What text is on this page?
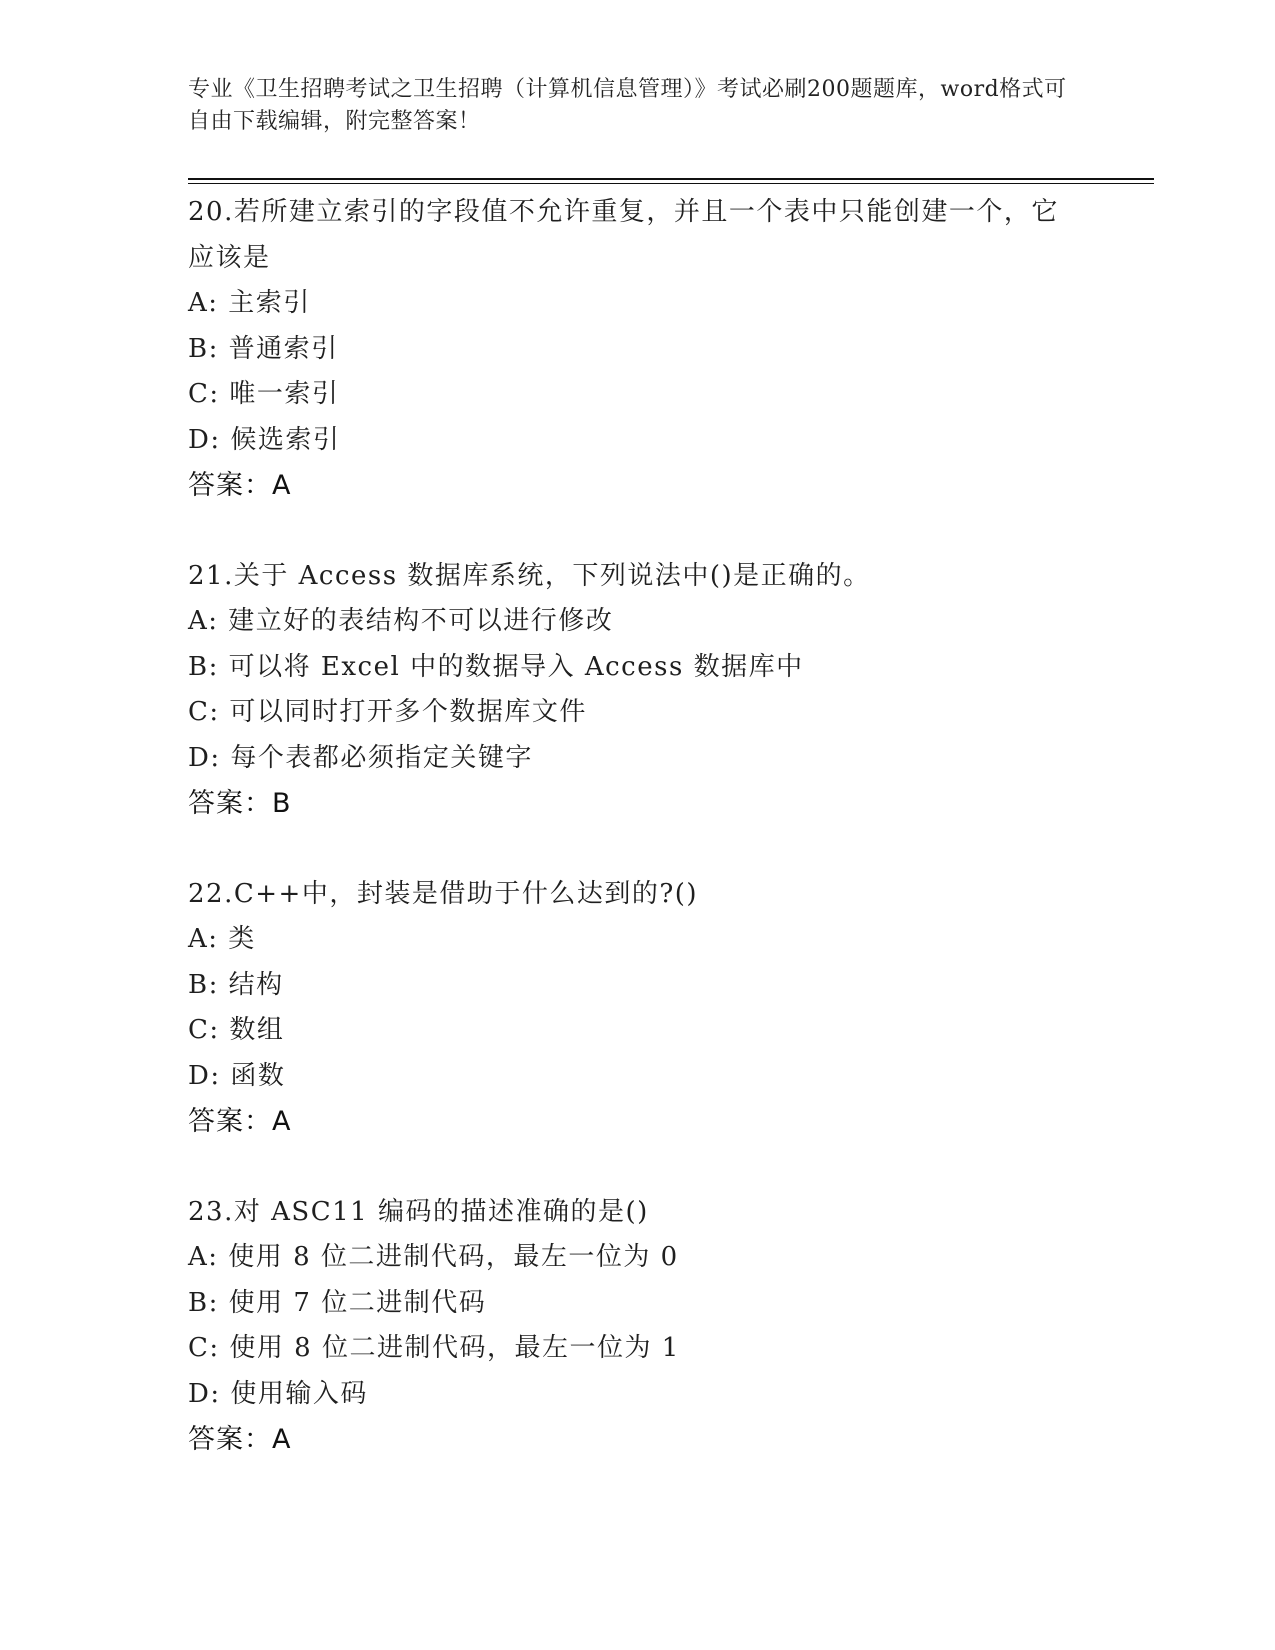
专业《卫生招聘考试之卫生招聘（计算机信息管理）》考试必刷200题题库，word格式可自由下载编辑，附完整答案！
20.若所建立索引的字段值不允许重复，并且一个表中只能创建一个，它应该是
A: 主索引
B: 普通索引
C: 唯一索引
D: 候选索引
答案：A
21.关于 Access 数据库系统，下列说法中()是正确的。
A: 建立好的表结构不可以进行修改
B: 可以将 Excel 中的数据导入 Access 数据库中
C: 可以同时打开多个数据库文件
D: 每个表都必须指定关键字
答案：B
22.C++中，封装是借助于什么达到的?()
A: 类
B: 结构
C: 数组
D: 函数
答案：A
23.对 ASC11 编码的描述准确的是()
A: 使用 8 位二进制代码，最左一位为 0
B: 使用 7 位二进制代码
C: 使用 8 位二进制代码，最左一位为 1
D: 使用输入码
答案：A
